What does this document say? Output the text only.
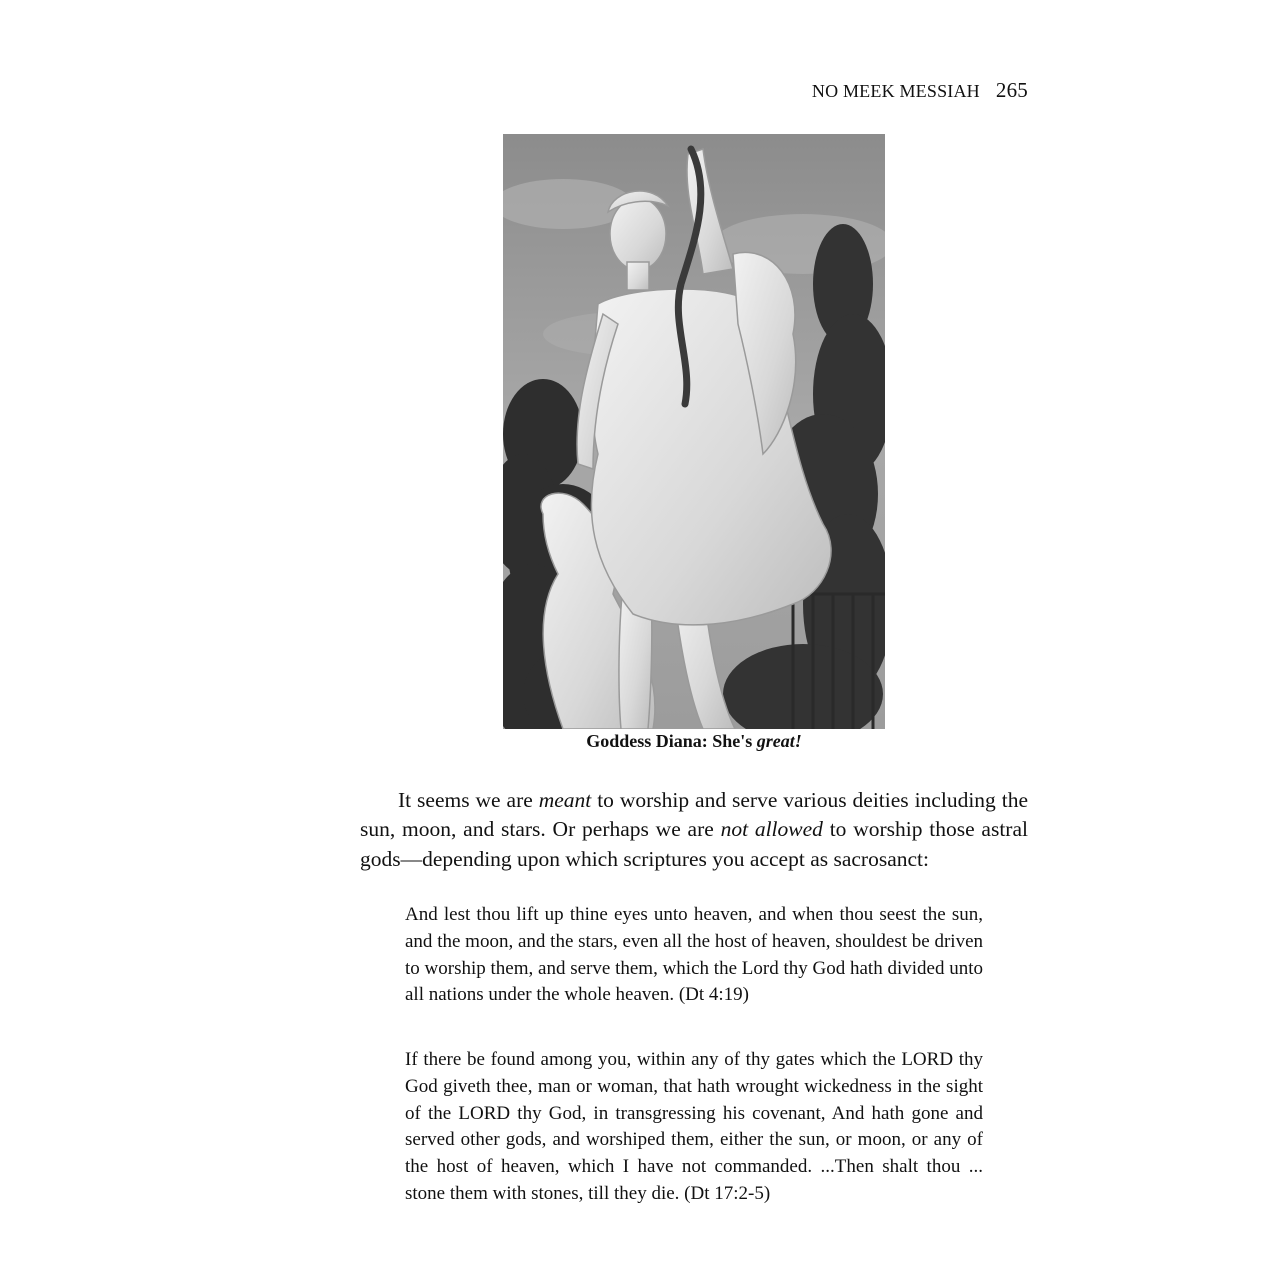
NO MEEK MESSIAH 265
Goddess Diana: She's great!

It seems we are meant to worship and serve various deities including the sun, moon, and stars. Or perhaps we are not allowed to worship those astral gods—depending upon which scriptures you accept as sacrosanct:

And lest thou lift up thine eyes unto heaven, and when thou seest the sun, and the moon, and the stars, even all the host of heaven, shouldest be driven to worship them, and serve them, which the Lord thy God hath divided unto all nations under the whole heaven. (Dt 4:19)

If there be found among you, within any of thy gates which the LORD thy God giveth thee, man or woman, that hath wrought wickedness in the sight of the LORD thy God, in transgressing his covenant, And hath gone and served other gods, and worshiped them, either the sun, or moon, or any of the host of heaven, which I have not commanded. ...Then shalt thou ... stone them with stones, till they die. (Dt 17:2-5)
